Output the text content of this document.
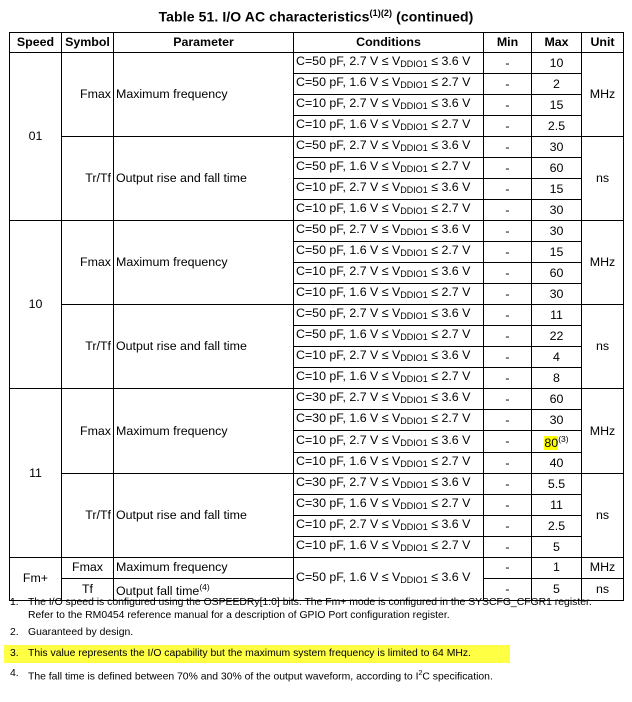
Table 51. I/O AC characteristics$^{(1)(2)}$ (continued)
Speed	Symbol	Parameter	Conditions	Min	Max	Unit
01	Fmax	Maximum frequency	C=50 pF, 2.7 $V \le V_{DDIO1} \le 3.6$ V	-	10	MHz
			C=50 pF, 1.6 $V \le V_{DDIO1} \le 2.7$ V	-	2	
			C=10 pF, 2.7 $V \le V_{DDIO1} \le 3.6$ V	-	15	
			C=10 pF, 1.6 $V \le V_{DDIO1} \le 2.7$ V	-	2.5	
	Tr/Tf	Output rise and fall time	C=50 pF, 2.7 $V \le V_{DDIO1} \le 3.6$ V	-	30	ns
			C=50 pF, 1.6 $V \le V_{DDIO1} \le 2.7$ V	-	60	
			C=10 pF, 2.7 $V \le V_{DDIO1} \le 3.6$ V	-	15	
			C=10 pF, 1.6 $V \le V_{DDIO1} \le 2.7$ V	-	30	
10	Fmax	Maximum frequency	C=50 pF, 2.7 $V \le V_{DDIO1} \le 3.6$ V	-	30	MHz
			C=50 pF, 1.6 $V \le V_{DDIO1} \le 2.7$ V	-	15	
			C=10 pF, 2.7 $V \le V_{DDIO1} \le 3.6$ V	-	60	
			C=10 pF, 1.6 $V \le V_{DDIO1} \le 2.7$ V	-	30	
	Tr/Tf	Output rise and fall time	C=50 pF, 2.7 $V \le V_{DDIO1} \le 3.6$ V	-	11	ns
			C=50 pF, 1.6 $V \le V_{DDIO1} \le 2.7$ V	-	22	
			C=10 pF, 2.7 $V \le V_{DDIO1} \le 3.6$ V	-	4	
			C=10 pF, 1.6 $V \le V_{DDIO1} \le 2.7$ V	-	8	
11	Fmax	Maximum frequency	C=30 pF, 2.7 $V \le V_{DDIO1} \le 3.6$ V	-	60	MHz
			C=30 pF, 1.6 $V \le V_{DDIO1} \le 2.7$ V	-	30	
			C=10 pF, 2.7 $V \le V_{DDIO1} \le 3.6$ V	-	80$^{(3)}$
			C=10 pF, 1.6 $V \le V_{DDIO1} \le 2.7$ V	-	40	
	Tr/Tf	Output rise and fall time	C=30 pF, 2.7 $V \le V_{DDIO1} \le 3.6$ V	-	5.5	ns
			C=30 pF, 1.6 $V \le V_{DDIO1} \le 2.7$ V	-	11	
			C=10 pF, 2.7 $V \le V_{DDIO1} \le 3.6$ V	-	2.5	
			C=10 pF, 1.6 $V \le V_{DDIO1} \le 2.7$ V	-	5	
Fm+	Fmax	Maximum frequency	C=50 pF, 1.6 $V \le V_{DDIO1} \le 3.6$ V	-	1	MHz
	Tf	Output fall time$^{(4)}$		-	5	ns
1. The I/O speed is configured using the OSPEEDRy[1:0] bits. The Fm+ mode is configured in the SYSCFG_CFGR1 register.
Refer to the RM0454 reference manual for a description of GPIO Port configuration register.
2. Guaranteed by design.
3. This value represents the I/O capability but the maximum system frequency is limited to 64 MHz.
4. The fall time is defined between 70% and 30% of the output waveform, according to $I^2C$ specification.
